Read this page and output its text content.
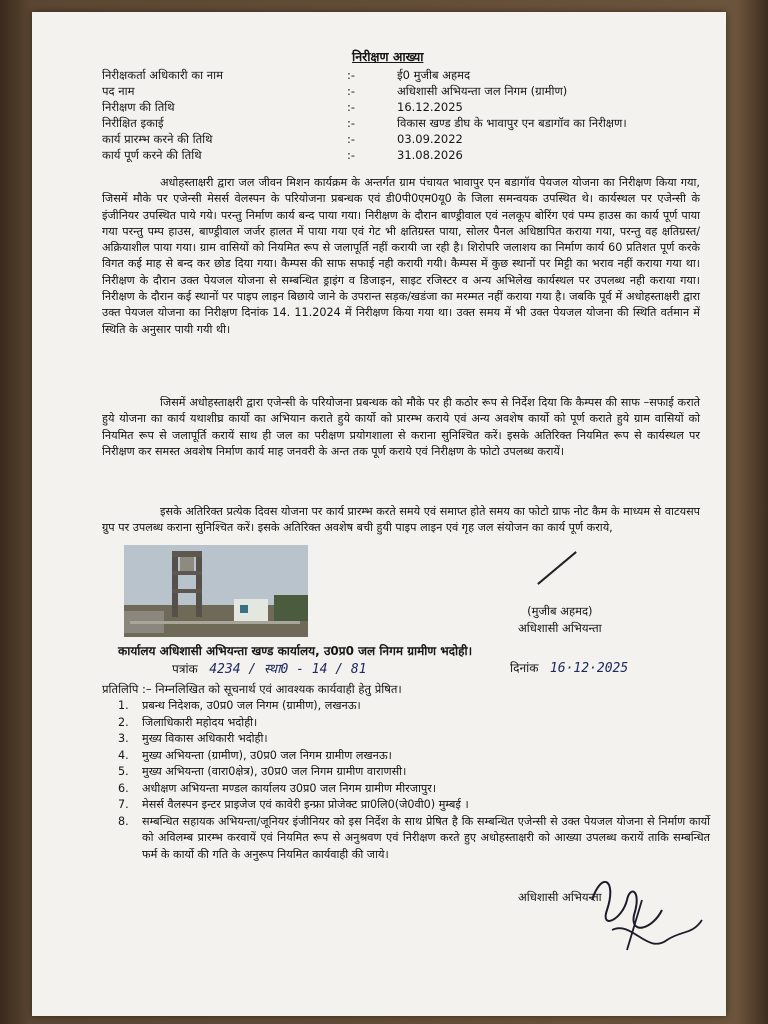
निरीक्षण आख्या
निरीक्षकर्ता अधिकारी का नाम	:-	ई0 मुजीब अहमद
पद नाम	:-	अधिशासी अभियन्ता जल निगम (ग्रामीण)
निरीक्षण की तिथि	:-	16.12.2025
निरीक्षित इकाई	:-	विकास खण्ड डीघ के भावापुर एन बडागॉव का निरीक्षण।
कार्य प्रारम्भ करने की तिथि	:-	03.09.2022
कार्य पूर्ण करने की तिथि	:-	31.08.2026

अधोहस्ताक्षरी द्वारा जल जीवन मिशन कार्यक्रम के अन्तर्गत ग्राम पंचायत भावापुर एन बडागॉव पेयजल योजना का निरीक्षण किया गया, जिसमें मौके पर एजेन्सी मेसर्स वेलस्पन के परियोजना प्रबन्धक एवं डी0पी0एम0यू0 के जिला समन्वयक उपस्थित थे। कार्यस्थल पर एजेन्सी के इंजीनियर उपस्थित पाये गये। परन्तु निर्माण कार्य बन्द पाया गया। निरीक्षण के दौरान बाण्ड्रीवाल एवं नलकूप बोरिंग एवं पम्प हाउस का कार्य पूर्ण पाया गया परन्तु पम्प हाउस, बाण्ड्रीवाल जर्जर हालत में पाया गया एवं गेट भी क्षतिग्रस्त पाया, सोलर पैनल अधिष्ठापित कराया गया, परन्तु वह क्षतिग्रस्त/अक्रियाशील पाया गया। ग्राम वासियों को नियमित रूप से जलापूर्ति नहीं करायी जा रही है। शिरोपरि जलाशय का निर्माण कार्य 60 प्रतिशत पूर्ण करके विगत कई माह से बन्द कर छोड दिया गया। कैम्पस की साफ सफाई नही करायी गयी। कैम्पस में कुछ स्थानों पर मिट्टी का भराव नहीं कराया गया था। निरीक्षण के दौरान उक्त पेयजल योजना से सम्बन्धित ड्राइंग व डिजाइन, साइट रजिस्टर व अन्य अभिलेख कार्यस्थल पर उपलब्ध नही कराया गया। निरीक्षण के दौरान कई स्थानों पर पाइप लाइन बिछाये जाने के उपरान्त सड़क/खडंजा का मरम्मत नहीं कराया गया है। जबकि पूर्व में अधोहस्ताक्षरी द्वारा उक्त पेयजल योजना का निरीक्षण दिनांक 14. 11.2024 में निरीक्षण किया गया था। उक्त समय में भी उक्त पेयजल योजना की स्थिति वर्तमान में स्थिति के अनुसार पायी गयी थी।

जिसमें अधोहस्ताक्षरी द्वारा एजेन्सी के परियोजना प्रबन्धक को मौके पर ही कठोर रूप से निर्देश दिया कि कैम्पस की साफ –सफाई कराते हुये योजना का कार्य यथाशीघ्र कार्यो का अभियान कराते हुये कार्यो को प्रारम्भ कराये एवं अन्य अवशेष कार्यो को पूर्ण कराते हुये ग्राम वासियों को नियमित रूप से जलापूर्ति करायें साथ ही जल का परीक्षण प्रयोगशाला से कराना सुनिश्चित करें। इसके अतिरिक्त नियमित रूप से कार्यस्थल पर निरीक्षण कर समस्त अवशेष निर्माण कार्य माह जनवरी के अन्त तक पूर्ण कराये एवं निरीक्षण के फोटो उपलब्ध करायें।

इसके अतिरिक्त प्रत्येक दिवस योजना पर कार्य प्रारम्भ करते समये एवं समाप्त होते समय का फोटो ग्राफ नोट कैम के माध्यम से वाटयसप ग्रुप पर उपलब्ध कराना सुनिश्चित करें। इसके अतिरिक्त अवशेष बची हुयी पाइप लाइन एवं गृह जल संयोजन का कार्य पूर्ण कराये,

(मुजीब अहमद)
अधिशासी अभियन्ता
कार्यालय अधिशासी अभियन्ता खण्ड कार्यालय, उ0प्र0 जल निगम ग्रामीण भदोही।
पत्रांक 4234 / स्था0 - 14 / 81	दिनांक 16·12·2025
प्रतिलिपि :– निम्नलिखित को सूचनार्थ एवं आवश्यक कार्यवाही हेतु प्रेषित।
1. प्रबन्ध निदेशक, उ0प्र0 जल निगम (ग्रामीण), लखनऊ।
2. जिलाधिकारी महोदय भदोही।
3. मुख्य विकास अधिकारी भदोही।
4. मुख्य अभियन्ता (ग्रामीण), उ0प्र0 जल निगम ग्रामीण लखनऊ।
5. मुख्य अभियन्ता (वारा0क्षेत्र), उ0प्र0 जल निगम ग्रामीण वाराणसी।
6. अधीक्षण अभियन्ता मण्डल कार्यालय उ0प्र0 जल निगम ग्रामीण मीरजापुर।
7. मेसर्स वैलस्पन इन्टर प्राइजेज एवं कावेरी इन्फ्रा प्रोजेक्ट प्रा0लि0(जे0वी0) मुम्बई ।
8. सम्बन्धित सहायक अभियन्ता/जूनियर इंजीनियर को इस निर्देश के साथ प्रेषित है कि सम्बन्धित एजेन्सी से उक्त पेयजल योजना से निर्माण कार्यो को अविलम्ब प्रारम्भ करवायें एवं नियमित रूप से अनुश्रवण एवं निरीक्षण करते हुए अधोहस्ताक्षरी को आख्या उपलब्ध करायें ताकि सम्बन्धित फर्म के कार्यो की गति के अनुरूप नियमित कार्यवाही की जाये।
अधिशासी अभियन्ता
